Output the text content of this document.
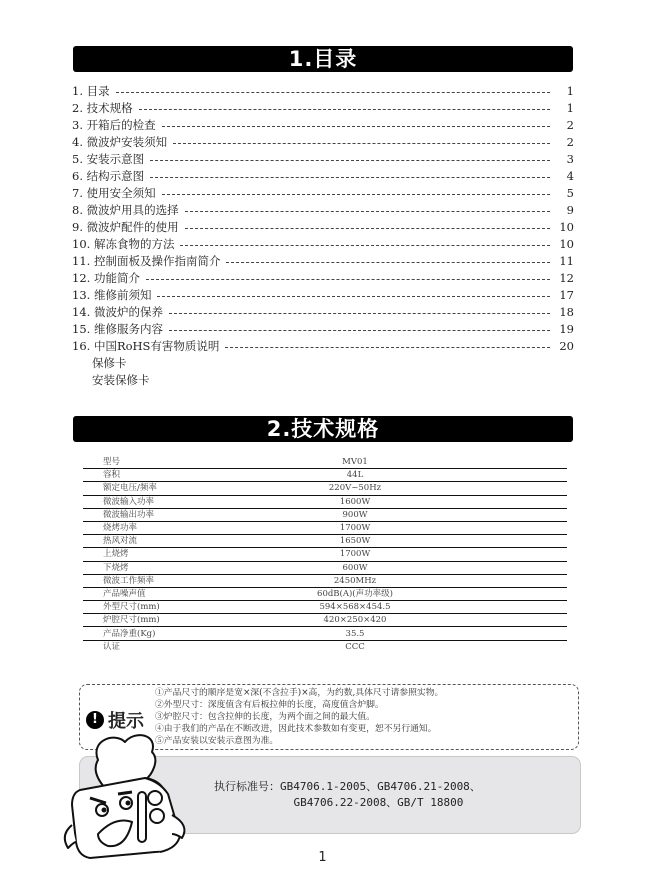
1.目录
1. 目录	1
2. 技术规格	1
3. 开箱后的检查	2
4. 微波炉安装须知	2
5. 安装示意图	3
6. 结构示意图	4
7. 使用安全须知	5
8. 微波炉用具的选择	9
9. 微波炉配件的使用	10
10. 解冻食物的方法	10
11. 控制面板及操作指南简介	11
12. 功能简介	12
13. 维修前须知	17
14. 微波炉的保养	18
15. 维修服务内容	19
16. 中国RoHS有害物质说明	20
保修卡
安装保修卡
2.技术规格
型号	MV01
容积	44L
额定电压/频率	220V~50Hz
微波输入功率	1600W
微波输出功率	900W
烧烤功率	1700W
热风对流	1650W
上烧烤	1700W
下烧烤	600W
微波工作频率	2450MHz
产品噪声值	60dB(A)(声功率级)
外型尺寸(mm)	594×568×454.5
炉腔尺寸(mm)	420×250×420
产品净重(Kg)	35.5
认证	CCC
! 提示
①产品尺寸的顺序是宽×深(不含拉手)×高，为约数,具体尺寸请参照实物。
②外型尺寸：深度值含有后板拉伸的长度，高度值含炉脚。
③炉腔尺寸：包含拉伸的长度，为两个面之间的最大值。
④由于我们的产品在不断改进，因此技术参数如有变更，恕不另行通知。
⑤产品安装以安装示意图为准。
执行标准号：GB4706.1-2005、GB4706.21-2008、
GB4706.22-2008、GB/T 18800
1
